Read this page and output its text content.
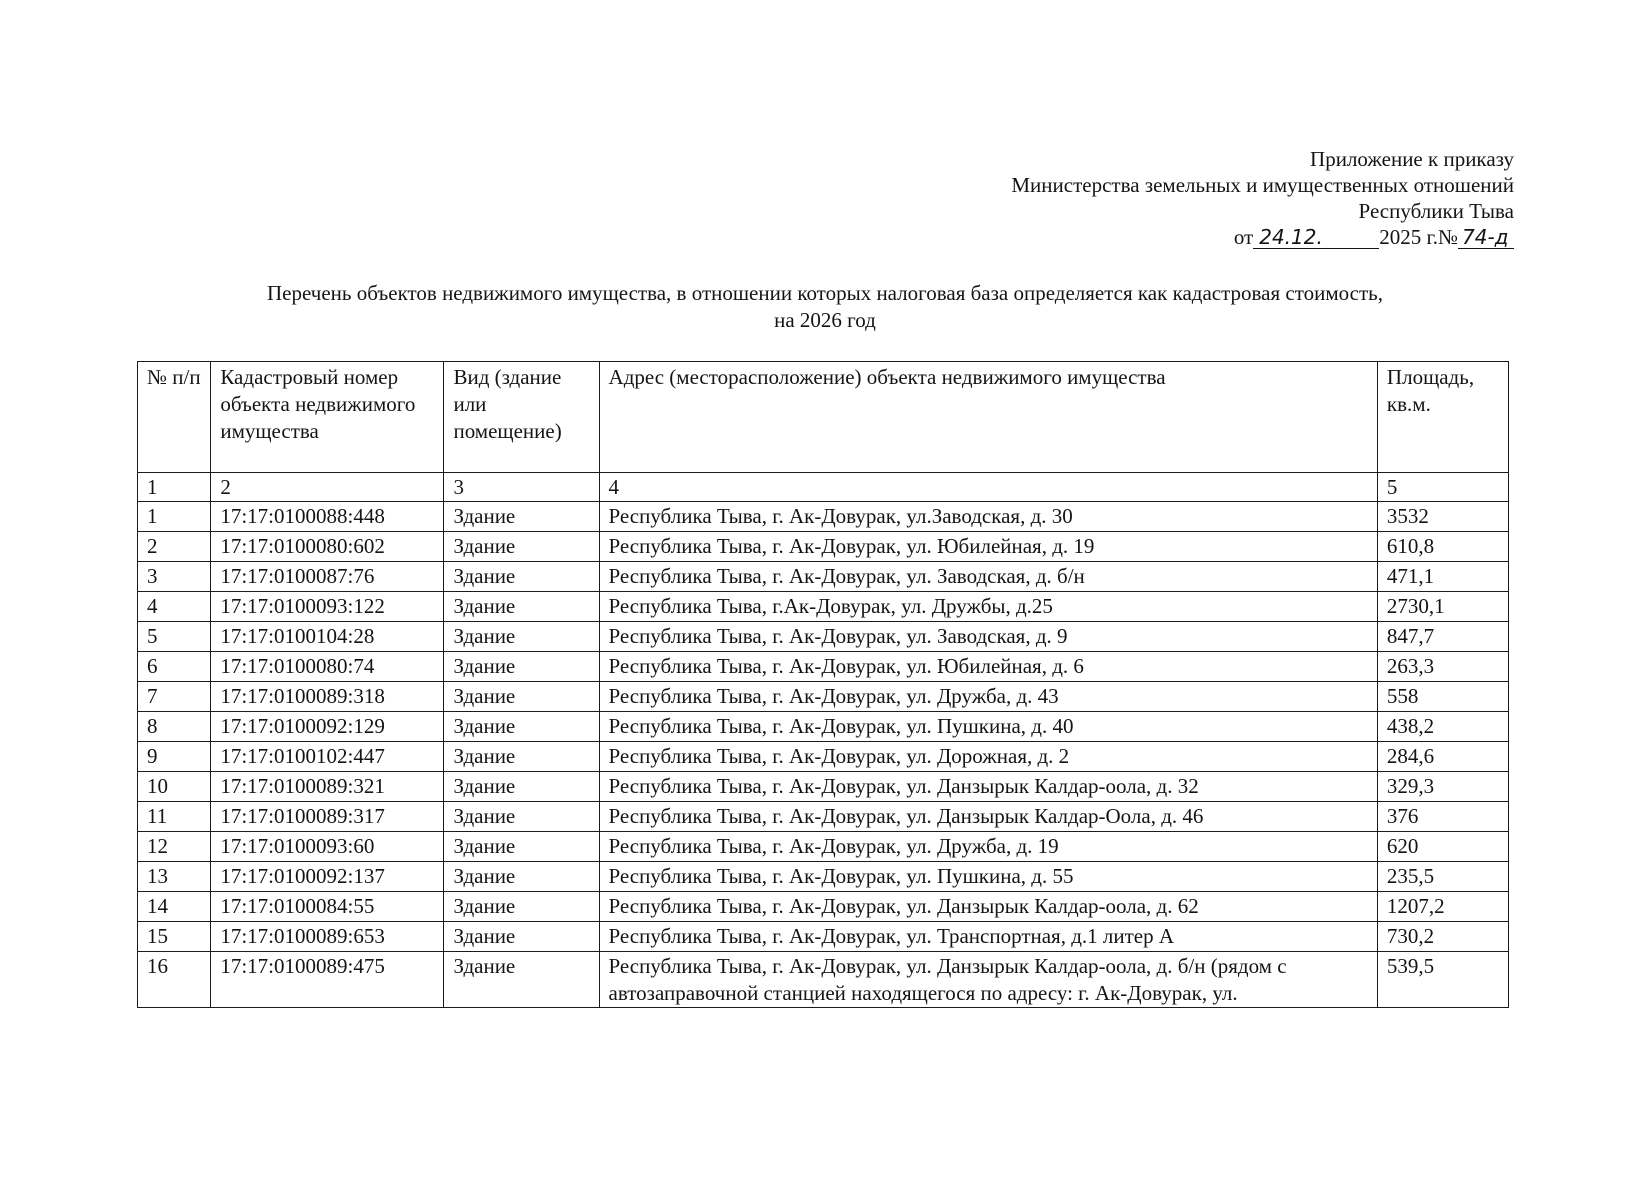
Приложение к приказу
Министерства земельных и имущественных отношений
Республики Тыва
от 24.12.	2025 г.№ 74-д
Перечень объектов недвижимого имущества, в отношении которых налоговая база определяется как кадастровая стоимость,
на 2026 год
№ п/п	Кадастровый номер объекта недвижимого имущества	Вид (здание или помещение)	Адрес (месторасположение) объекта недвижимого имущества	Площадь, кв.м.
1	2	3	4	5
1	17:17:0100088:448	Здание	Республика Тыва, г. Ак-Довурак, ул.Заводская, д. 30	3532
2	17:17:0100080:602	Здание	Республика Тыва, г. Ак-Довурак, ул. Юбилейная, д. 19	610,8
3	17:17:0100087:76	Здание	Республика Тыва, г. Ак-Довурак, ул. Заводская, д. б/н	471,1
4	17:17:0100093:122	Здание	Республика Тыва, г.Ак-Довурак, ул. Дружбы, д.25	2730,1
5	17:17:0100104:28	Здание	Республика Тыва, г. Ак-Довурак, ул. Заводская, д. 9	847,7
6	17:17:0100080:74	Здание	Республика Тыва, г. Ак-Довурак, ул. Юбилейная, д. 6	263,3
7	17:17:0100089:318	Здание	Республика Тыва, г. Ак-Довурак, ул. Дружба, д. 43	558
8	17:17:0100092:129	Здание	Республика Тыва, г. Ак-Довурак, ул. Пушкина, д. 40	438,2
9	17:17:0100102:447	Здание	Республика Тыва, г. Ак-Довурак, ул. Дорожная, д. 2	284,6
10	17:17:0100089:321	Здание	Республика Тыва, г. Ак-Довурак, ул. Данзырык Калдар-оола, д. 32	329,3
11	17:17:0100089:317	Здание	Республика Тыва, г. Ак-Довурак, ул. Данзырык Калдар-Оола, д. 46	376
12	17:17:0100093:60	Здание	Республика Тыва, г. Ак-Довурак, ул. Дружба, д. 19	620
13	17:17:0100092:137	Здание	Республика Тыва, г. Ак-Довурак, ул. Пушкина, д. 55	235,5
14	17:17:0100084:55	Здание	Республика Тыва, г. Ак-Довурак, ул. Данзырык Калдар-оола, д. 62	1207,2
15	17:17:0100089:653	Здание	Республика Тыва, г. Ак-Довурак, ул. Транспортная, д.1 литер А	730,2
16	17:17:0100089:475	Здание	Республика Тыва, г. Ак-Довурак, ул. Данзырык Калдар-оола, д. б/н (рядом с автозаправочной станцией находящегося по адресу: г. Ак-Довурак, ул.	539,5
